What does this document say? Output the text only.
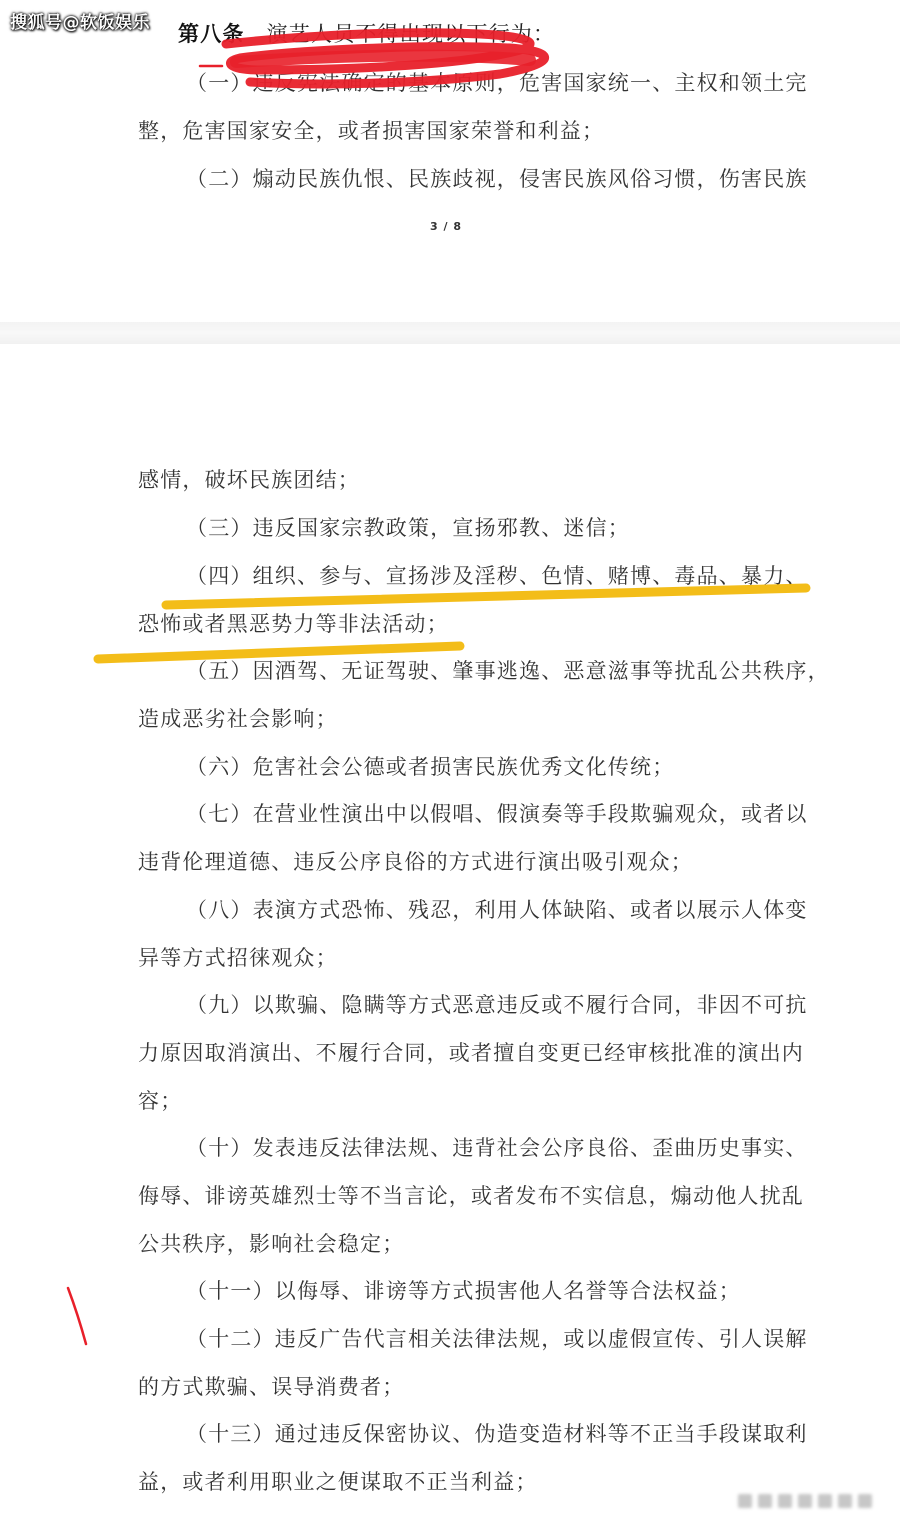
搜狐号@软饭娱乐 第八条 演艺人员不得出现以下行为：
（一）违反宪法确定的基本原则，危害国家统一、主权和领土完
整，危害国家安全，或者损害国家荣誉和利益；
（二）煽动民族仇恨、民族歧视，侵害民族风俗习惯，伤害民族
3 / 8
感情，破坏民族团结；
（三）违反国家宗教政策，宣扬邪教、迷信；
（四）组织、参与、宣扬涉及淫秽、色情、赌博、毒品、暴力、
恐怖或者黑恶势力等非法活动；
（五）因酒驾、无证驾驶、肇事逃逸、恶意滋事等扰乱公共秩序，
造成恶劣社会影响；
（六）危害社会公德或者损害民族优秀文化传统；
（七）在营业性演出中以假唱、假演奏等手段欺骗观众，或者以
违背伦理道德、违反公序良俗的方式进行演出吸引观众；
（八）表演方式恐怖、残忍，利用人体缺陷、或者以展示人体变
异等方式招徕观众；
（九）以欺骗、隐瞒等方式恶意违反或不履行合同，非因不可抗
力原因取消演出、不履行合同，或者擅自变更已经审核批准的演出内
容；
（十）发表违反法律法规、违背社会公序良俗、歪曲历史事实、
侮辱、诽谤英雄烈士等不当言论，或者发布不实信息，煽动他人扰乱
公共秩序，影响社会稳定；
（十一）以侮辱、诽谤等方式损害他人名誉等合法权益；
（十二）违反广告代言相关法律法规，或以虚假宣传、引人误解
的方式欺骗、误导消费者；
（十三）通过违反保密协议、伪造变造材料等不正当手段谋取利
益，或者利用职业之便谋取不正当利益；
